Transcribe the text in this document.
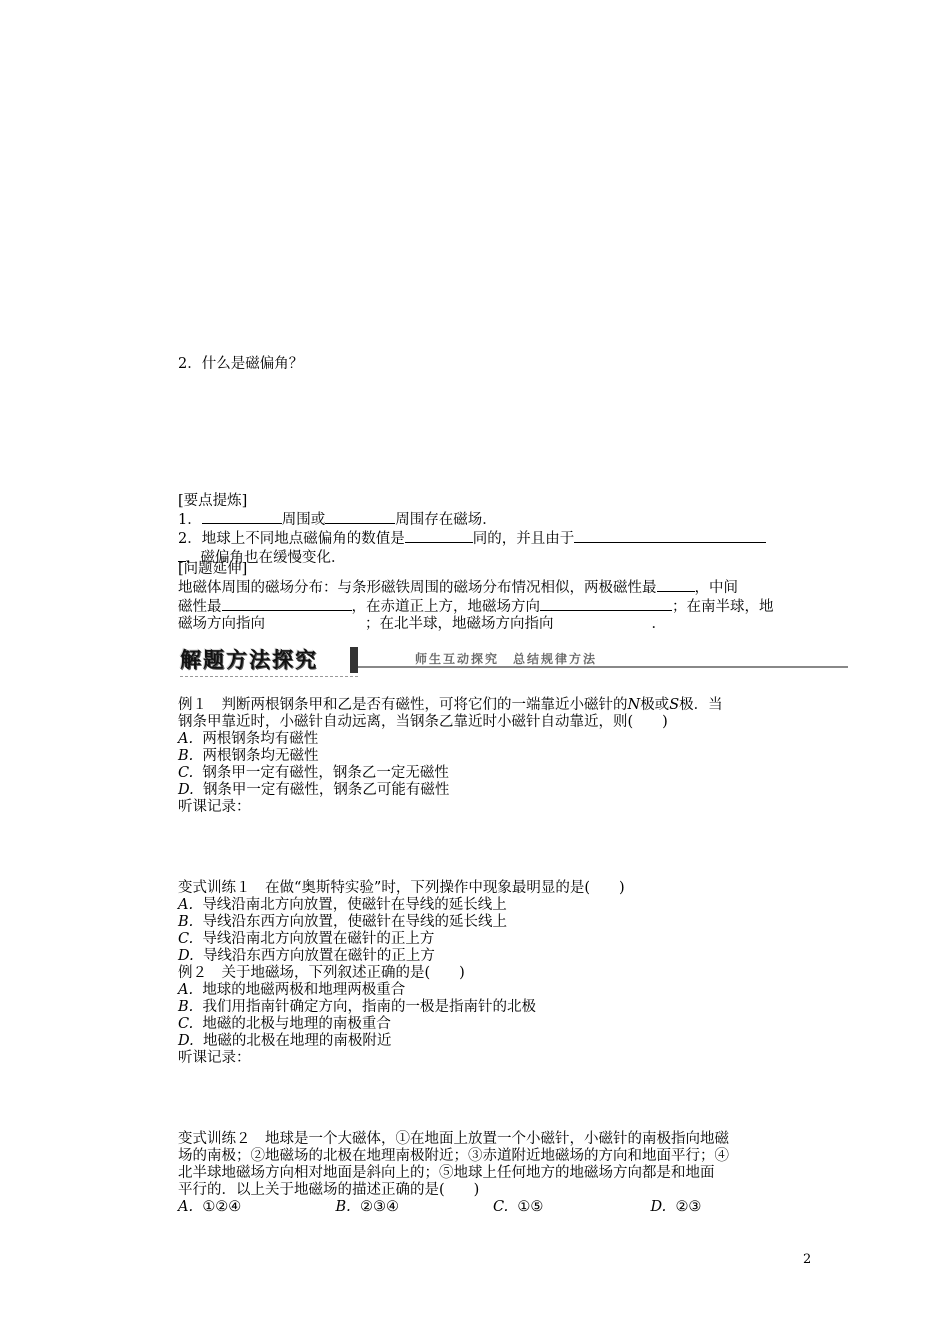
2．什么是磁偏角？
[要点提炼]
1．	周围或	周围存在磁场．
2．地球上不同地点磁偏角的数值是	同的，并且由于
，磁偏角也在缓慢变化．
[问题延伸]
地磁体周围的磁场分布：与条形磁铁周围的磁场分布情况相似，两极磁性最	，中间
磁性最	，在赤道正上方，地磁场方向	；在南半球，地
磁场方向指向	；在北半球，地磁场方向指向	．
解题方法探究	师生互动探究　总结规律方法
例１　判断两根钢条甲和乙是否有磁性，可将它们的一端靠近小磁针的N极或S极．当
钢条甲靠近时，小磁针自动远离，当钢条乙靠近时小磁针自动靠近，则(　　)
A. 两根钢条均有磁性
B. 两根钢条均无磁性
C. 钢条甲一定有磁性，钢条乙一定无磁性
D. 钢条甲一定有磁性，钢条乙可能有磁性
听课记录：
变式训练１　在做“奥斯特实验”时，下列操作中现象最明显的是(　　)
A. 导线沿南北方向放置，使磁针在导线的延长线上
B. 导线沿东西方向放置，使磁针在导线的延长线上
C. 导线沿南北方向放置在磁针的正上方
D. 导线沿东西方向放置在磁针的正上方
例２　关于地磁场，下列叙述正确的是(　　)
A. 地球的地磁两极和地理两极重合
B. 我们用指南针确定方向，指南的一极是指南针的北极
C. 地磁的北极与地理的南极重合
D. 地磁的北极在地理的南极附近
听课记录：
变式训练２　地球是一个大磁体，①在地面上放置一个小磁针，小磁针的南极指向地磁
场的南极；②地磁场的北极在地理南极附近；③赤道附近地磁场的方向和地面平行；④
北半球地磁场方向相对地面是斜向上的；⑤地球上任何地方的地磁场方向都是和地面
平行的．以上关于地磁场的描述正确的是(　　)
A. ①②④	B. ②③④	C. ①⑤	D. ②③
2
